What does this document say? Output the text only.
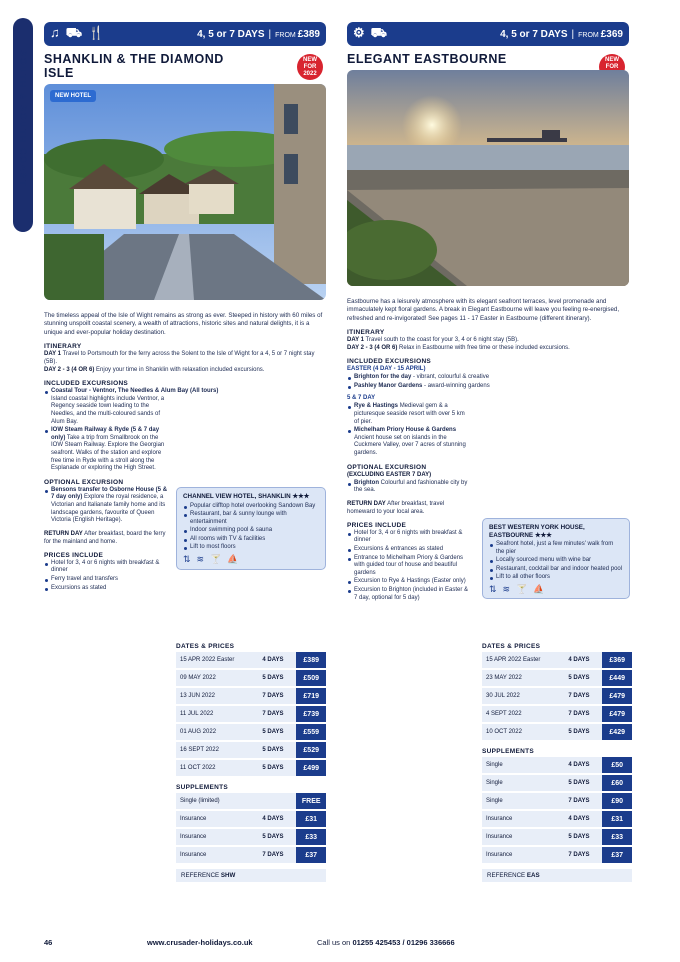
SOUTH & SOUTH COAST
♫ ⛟ 🍴	4, 5 or 7 DAYS | FROM £389
SHANKLIN & THE DIAMOND ISLE
NEW FOR 2022
NEW HOTEL
The timeless appeal of the Isle of Wight remains as strong as ever. Steeped in history with 60 miles of stunning unspoilt coastal scenery, a wealth of attractions, historic sites and natural delights, it is a unique and ever-popular holiday destination.
ITINERARY
DAY 1 Travel to Portsmouth for the ferry across the Solent to the Isle of Wight for a 4, 5 or 7 night stay (5B).
DAY 2 - 3 (4 OR 6) Enjoy your time in Shanklin with relaxation included excursions.
INCLUDED EXCURSIONS
Coastal Tour - Ventnor, The Needles & Alum Bay (All tours)
Island coastal highlights include Ventnor, a Regency seaside town leading to the Needles, and the multi-coloured sands of Alum Bay.
IOW Steam Railway & Ryde (5 & 7 day only) Take a trip from Smallbrook on the IOW Steam Railway. Explore the Georgian seafront. Walks of the station and explore free time in Ryde with a stroll along the Esplanade or exploring the High Street.
OPTIONAL EXCURSION
Bensons transfer to Osborne House (5 & 7 day only) Explore the royal residence, a Victorian and Italianate family home and its landscape gardens, favourite of Queen Victoria (English Heritage).
RETURN DAY After breakfast, board the ferry for the mainland and home.
PRICES INCLUDE
Hotel for 3, 4 or 6 nights with breakfast & dinner
Ferry travel and transfers
Excursions as stated
CHANNEL VIEW HOTEL, SHANKLIN ★★★
Popular clifftop hotel overlooking Sandown Bay
Restaurant, bar & sunny lounge with entertainment
Indoor swimming pool & sauna
All rooms with TV & facilities
Lift to most floors
⇅ ≋ 🍸 ⛵
DATES & PRICES
15 APR 2022 Easter	4 DAYS	£389
09 MAY 2022	5 DAYS	£509
13 JUN 2022	7 DAYS	£719
11 JUL 2022	7 DAYS	£739
01 AUG 2022	5 DAYS	£559
16 SEPT 2022	5 DAYS	£529
11 OCT 2022	5 DAYS	£499
SUPPLEMENTS
Single (limited)		FREE
Insurance	4 DAYS	£31
Insurance	5 DAYS	£33
Insurance	7 DAYS	£37
REFERENCE SHW
⚙ ⛟	4, 5 or 7 DAYS | FROM £369
ELEGANT EASTBOURNE	NEW FOR
Eastbourne has a leisurely atmosphere with its elegant seafront terraces, level promenade and immaculately kept floral gardens. A break in Elegant Eastbourne will leave you feeling re-energised, refreshed and re-invigorated! See pages 11 - 17 Easter in Eastbourne (different itinerary).
ITINERARY
DAY 1 Travel south to the coast for your 3, 4 or 6 night stay (5B).
DAY 2 - 3 (4 OR 6) Relax in Eastbourne with free time or these included excursions.
INCLUDED EXCURSIONS
EASTER (4 DAY - 15 APRIL)
Brighton for the day - vibrant, colourful & creative
Pashley Manor Gardens - award-winning gardens
5 & 7 DAY
Rye & Hastings Medieval gem & a picturesque seaside resort with over 5 km of pier.
Michelham Priory House & Gardens Ancient house set on islands in the Cuckmere Valley, over 7 acres of stunning gardens.
OPTIONAL EXCURSION
(EXCLUDING EASTER 7 DAY)
Brighton Colourful and fashionable city by the sea.
RETURN DAY After breakfast, travel homeward to your local area.
PRICES INCLUDE
Hotel for 3, 4 or 6 nights with breakfast & dinner
Excursions & entrances as stated
Entrance to Michelham Priory & Gardens with guided tour of house and beautiful gardens
Excursion to Rye & Hastings (Easter only)
Excursion to Brighton (included in Easter & 7 day, optional for 5 day)
BEST WESTERN YORK HOUSE, EASTBOURNE ★★★
Seafront hotel, just a few minutes' walk from the pier
Locally sourced menu with wine bar
Restaurant, cocktail bar and indoor heated pool
Lift to all other floors
⇅ ≋ 🍸 ⛵
DATES & PRICES
15 APR 2022 Easter	4 DAYS	£369
23 MAY 2022	5 DAYS	£449
30 JUL 2022	7 DAYS	£479
4 SEPT 2022	7 DAYS	£479
10 OCT 2022	5 DAYS	£429
SUPPLEMENTS
Single	4 DAYS	£50
Single	5 DAYS	£60
Single	7 DAYS	£90
Insurance	4 DAYS	£31
Insurance	5 DAYS	£33
Insurance	7 DAYS	£37
REFERENCE EAS
46	www.crusader-holidays.co.uk	Call us on 01255 425453 / 01296 336666
